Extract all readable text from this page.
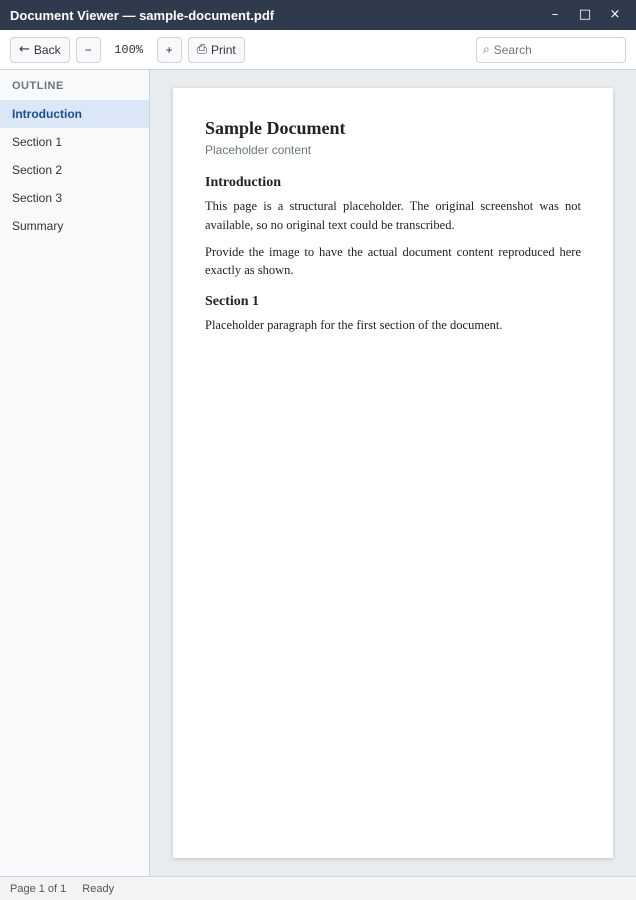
Document Viewer — sample-document.pdf	–	□	×
← Back	−	100%	+	⎙ Print	⌕
Search
OUTLINE
Introduction
Section 1
Section 2
Section 3
Summary
Sample Document
Placeholder content
Introduction

This page is a structural placeholder. The original screenshot was not available, so no original text could be transcribed.

Provide the image to have the actual document content reproduced here exactly as shown.

Section 1

Placeholder paragraph for the first section of the document.

Page 1 of 1 Ready
